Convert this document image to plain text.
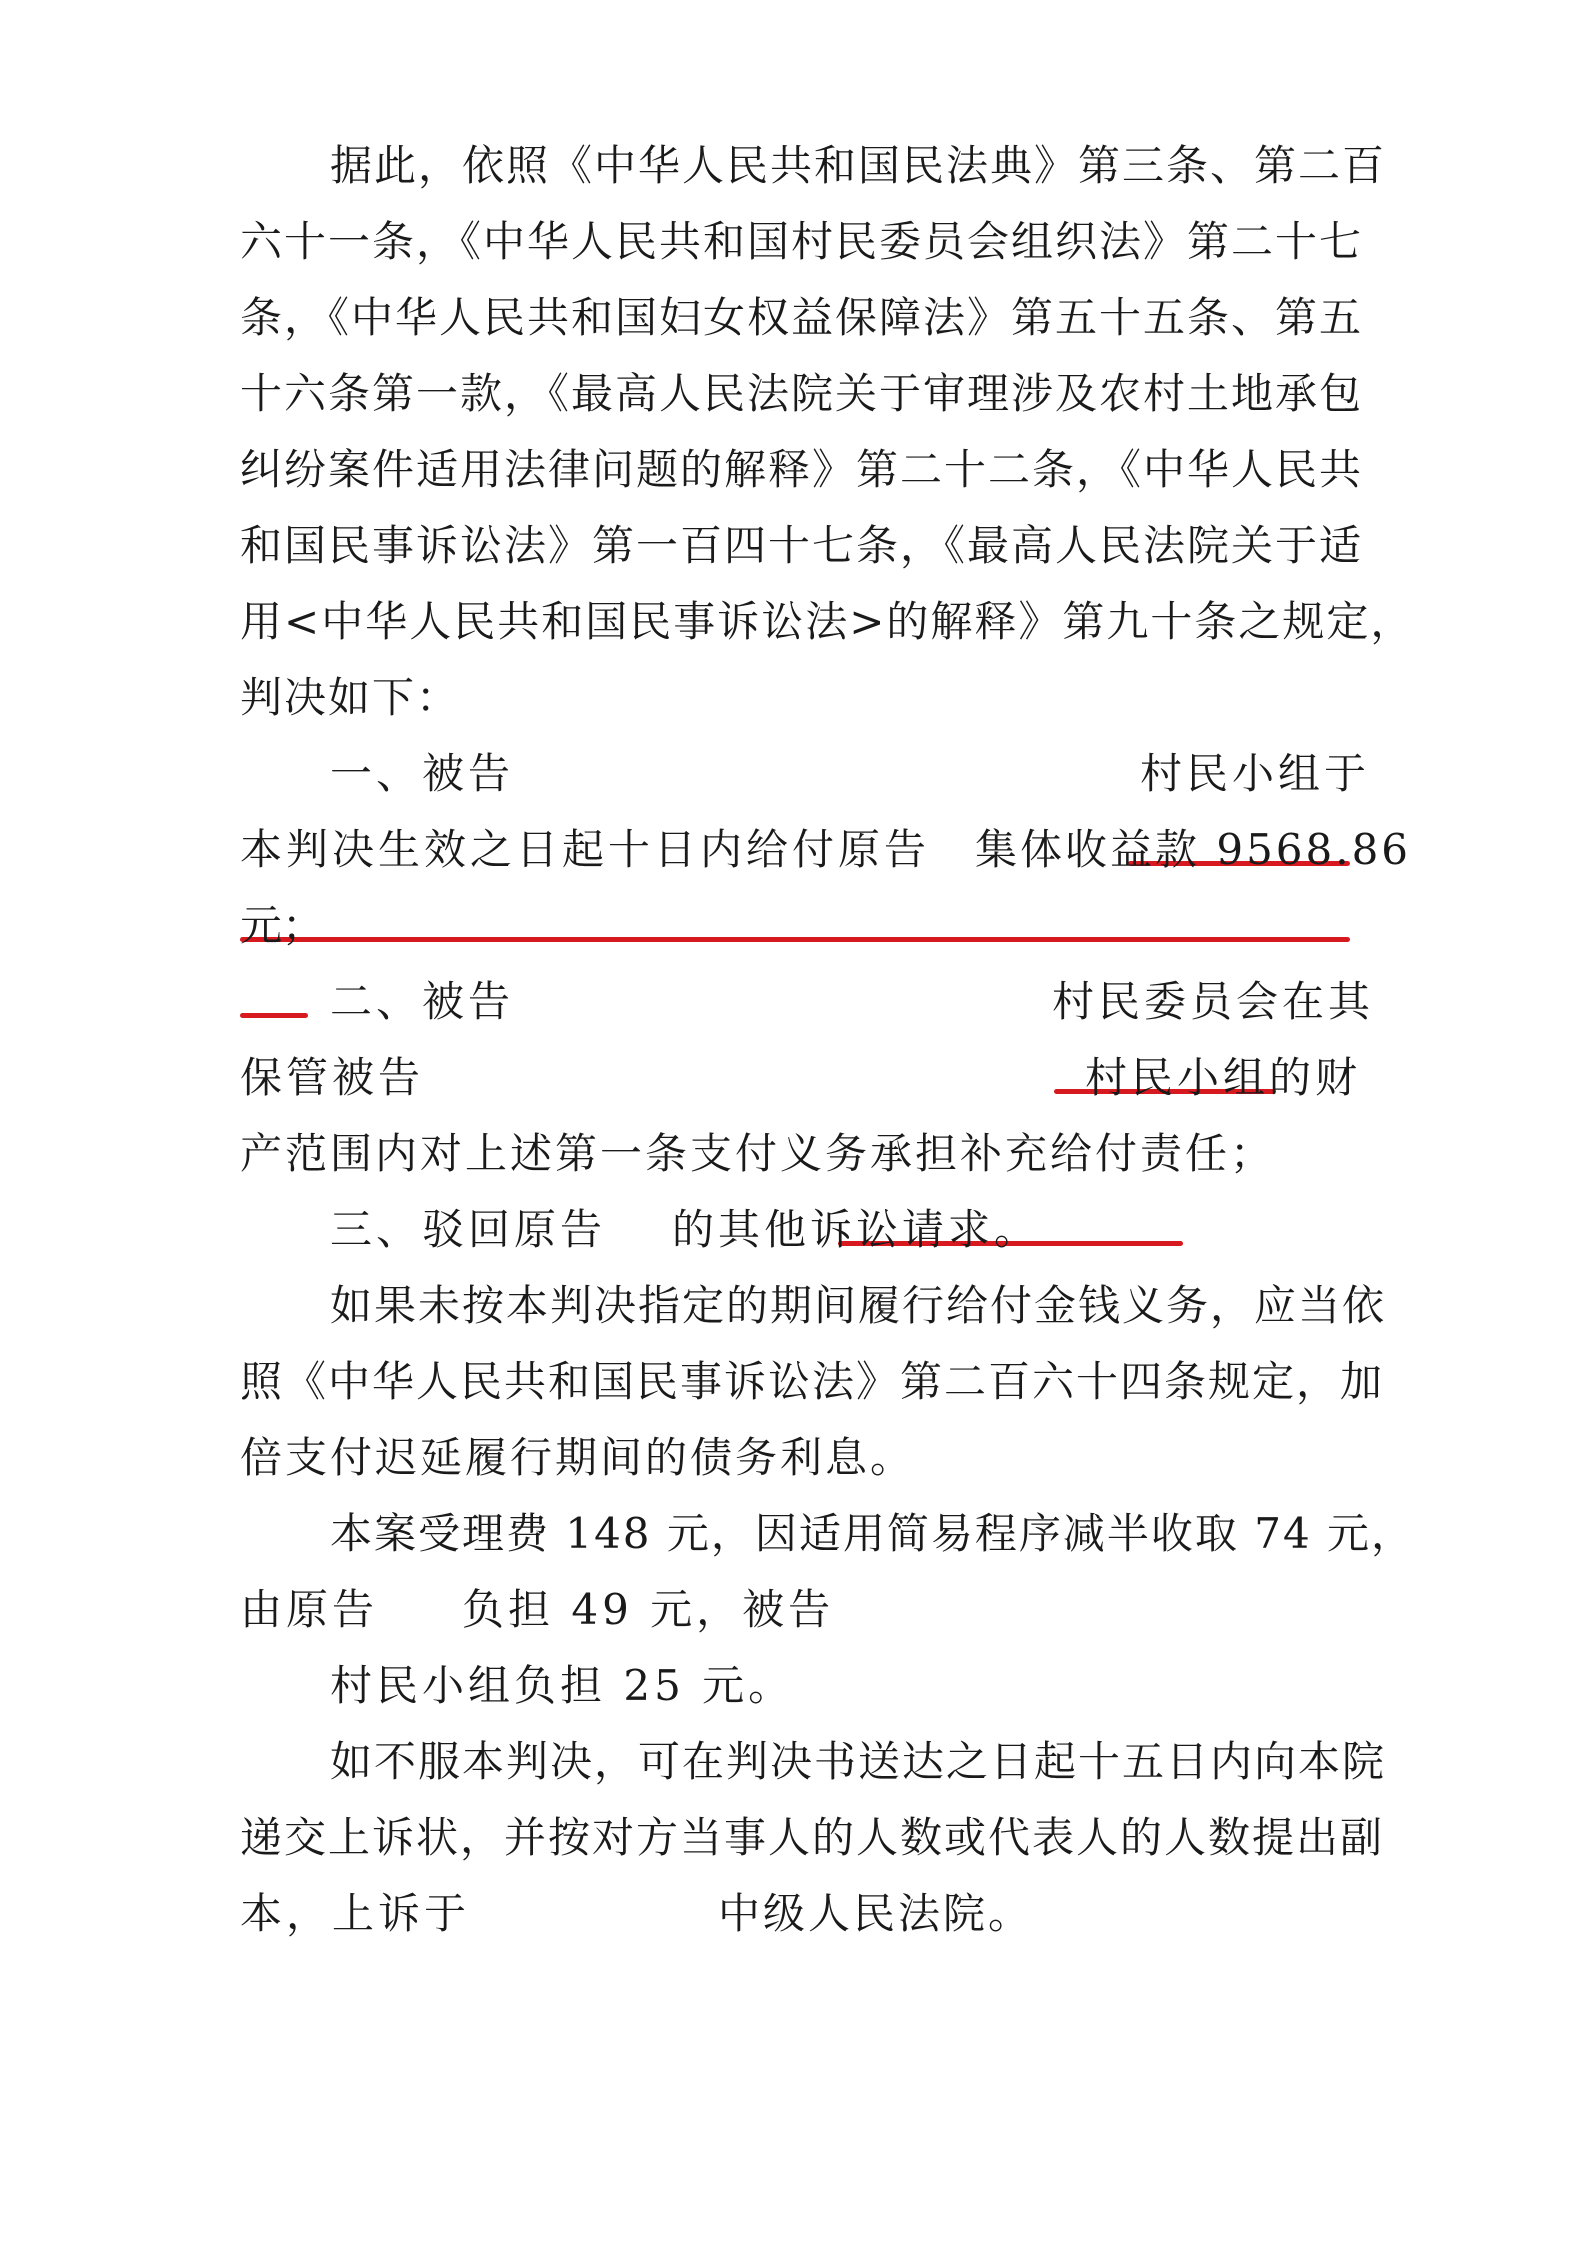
据此，依照《中华人民共和国民法典》第三条、第二百
六十一条，《中华人民共和国村民委员会组织法》第二十七
条，《中华人民共和国妇女权益保障法》第五十五条、第五
十六条第一款，《最高人民法院关于审理涉及农村土地承包
纠纷案件适用法律问题的解释》第二十二条，《中华人民共
和国民事诉讼法》第一百四十七条，《最高人民法院关于适
用<中华人民共和国民事诉讼法>的解释》第九十条之规定，
判决如下：
一、被告	村民小组于
本判决生效之日起十日内给付原告 集体收益款 9568.86
元；
二、被告	村民委员会在其
保管被告	村民小组的财
产范围内对上述第一条支付义务承担补充给付责任；
三、驳回原告 的其他诉讼请求。
如果未按本判决指定的期间履行给付金钱义务，应当依
照《中华人民共和国民事诉讼法》第二百六十四条规定，加
倍支付迟延履行期间的债务利息。
本案受理费 148 元，因适用简易程序减半收取 74 元，
由原告 负担 49 元，被告
村民小组负担 25 元。
如不服本判决，可在判决书送达之日起十五日内向本院
递交上诉状，并按对方当事人的人数或代表人的人数提出副
本，上诉于	中级人民法院。
